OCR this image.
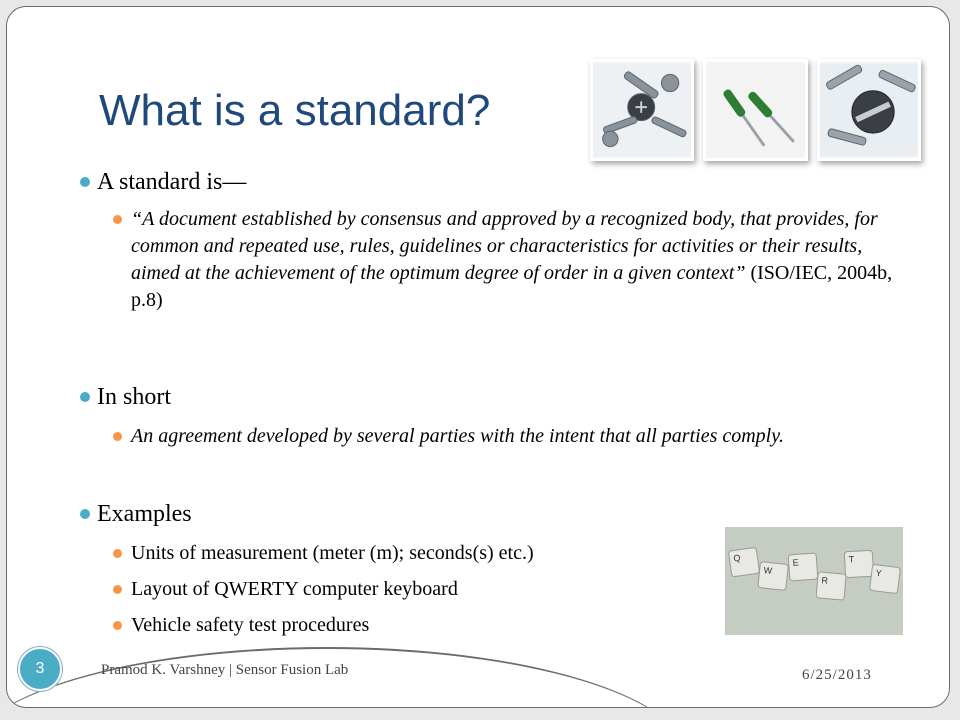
What is a standard?
A standard is—
“A document established by consensus and approved by a recognized body, that provides, for common and repeated use, rules, guidelines or characteristics for activities or their results, aimed at the achievement of the optimum degree of order in a given context” (ISO/IEC, 2004b, p.8)
In short
An agreement developed by several parties with the intent that all parties comply.
Examples
Units of measurement (meter (m); seconds(s) etc.)
Layout of QWERTY computer keyboard
Vehicle safety test procedures
Q
W
E
R
T
Y
3	Pramod K. Varshney | Sensor Fusion Lab	6/25/2013
